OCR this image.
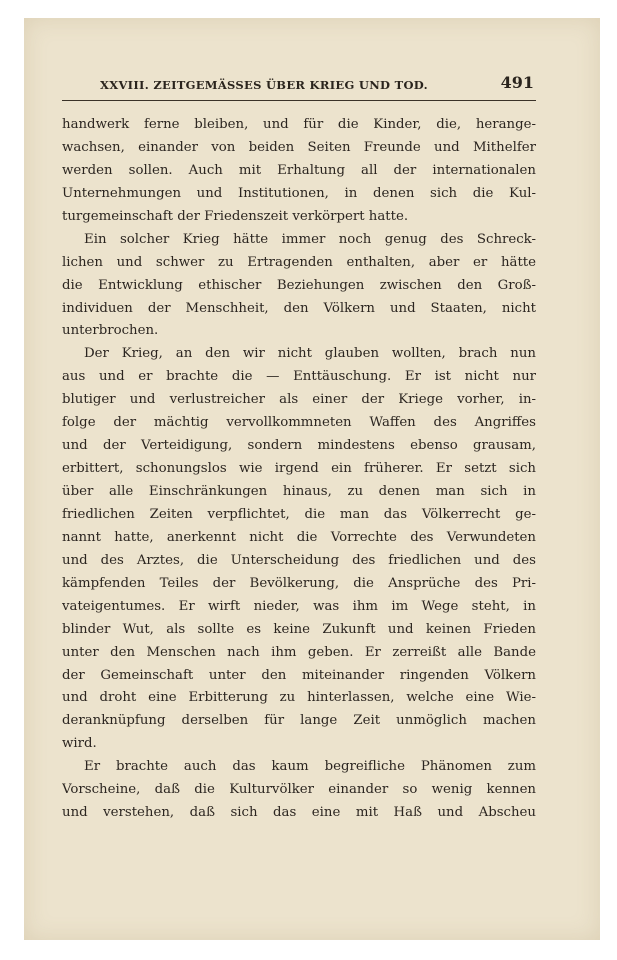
XXVIII. ZEITGEMÄSSES ÜBER KRIEG UND TOD.	491
handwerk ferne bleiben, und für die Kinder, die, herange-
wachsen, einander von beiden Seiten Freunde und Mithelfer
werden sollen. Auch mit Erhaltung all der internationalen
Unternehmungen und Institutionen, in denen sich die Kul-
turgemeinschaft der Friedenszeit verkörpert hatte.
Ein solcher Krieg hätte immer noch genug des Schreck-
lichen und schwer zu Ertragenden enthalten, aber er hätte
die Entwicklung ethischer Beziehungen zwischen den Groß-
individuen der Menschheit, den Völkern und Staaten, nicht
unterbrochen.
Der Krieg, an den wir nicht glauben wollten, brach nun
aus und er brachte die — Enttäuschung. Er ist nicht nur
blutiger und verlustreicher als einer der Kriege vorher, in-
folge der mächtig vervollkommneten Waffen des Angriffes
und der Verteidigung, sondern mindestens ebenso grausam,
erbittert, schonungslos wie irgend ein früherer. Er setzt sich
über alle Einschränkungen hinaus, zu denen man sich in
friedlichen Zeiten verpflichtet, die man das Völkerrecht ge-
nannt hatte, anerkennt nicht die Vorrechte des Verwundeten
und des Arztes, die Unterscheidung des friedlichen und des
kämpfenden Teiles der Bevölkerung, die Ansprüche des Pri-
vateigentumes. Er wirft nieder, was ihm im Wege steht, in
blinder Wut, als sollte es keine Zukunft und keinen Frieden
unter den Menschen nach ihm geben. Er zerreißt alle Bande
der Gemeinschaft unter den miteinander ringenden Völkern
und droht eine Erbitterung zu hinterlassen, welche eine Wie-
deranknüpfung derselben für lange Zeit unmöglich machen
wird.
Er brachte auch das kaum begreifliche Phänomen zum
Vorscheine, daß die Kulturvölker einander so wenig kennen
und verstehen, daß sich das eine mit Haß und Abscheu
